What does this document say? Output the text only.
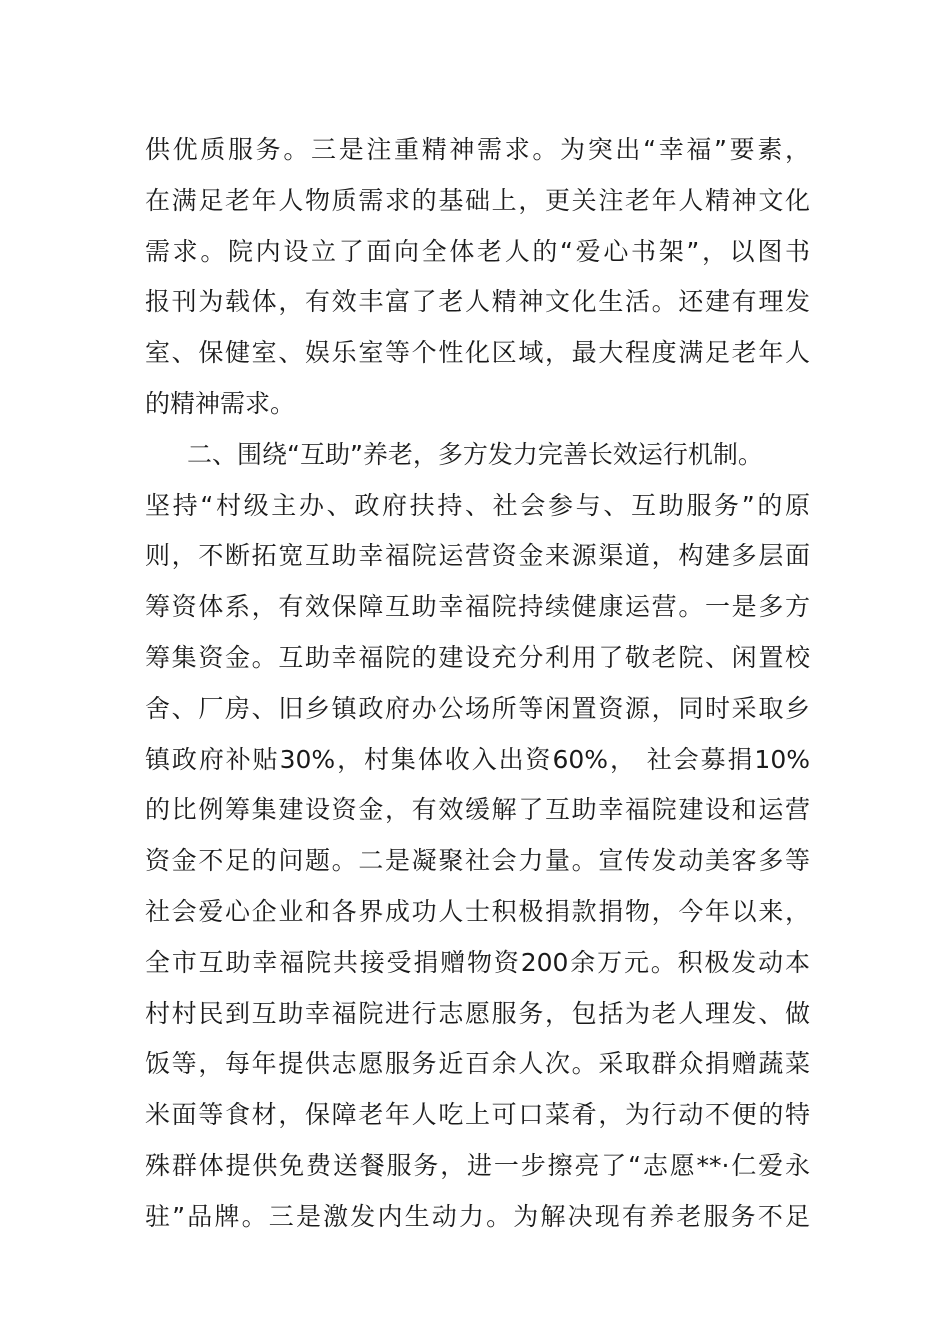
供优质服务。三是注重精神需求。为突出“幸福”要素，
在满足老年人物质需求的基础上，更关注老年人精神文化
需求。院内设立了面向全体老人的“爱心书架”，以图书
报刊为载体，有效丰富了老人精神文化生活。还建有理发
室、保健室、娱乐室等个性化区域，最大程度满足老年人
的精神需求。
二、围绕“互助”养老，多方发力完善长效运行机制。
坚持“村级主办、政府扶持、社会参与、互助服务”的原
则，不断拓宽互助幸福院运营资金来源渠道，构建多层面
筹资体系，有效保障互助幸福院持续健康运营。一是多方
筹集资金。互助幸福院的建设充分利用了敬老院、闲置校
舍、厂房、旧乡镇政府办公场所等闲置资源，同时采取乡
镇政府补贴30%，村集体收入出资60%， 社会募捐10%
的比例筹集建设资金，有效缓解了互助幸福院建设和运营
资金不足的问题。二是凝聚社会力量。宣传发动美客多等
社会爱心企业和各界成功人士积极捐款捐物，今年以来，
全市互助幸福院共接受捐赠物资200余万元。积极发动本
村村民到互助幸福院进行志愿服务，包括为老人理发、做
饭等，每年提供志愿服务近百余人次。采取群众捐赠蔬菜
米面等食材，保障老年人吃上可口菜肴，为行动不便的特
殊群体提供免费送餐服务，进一步擦亮了“志愿**·仁爱永
驻”品牌。三是激发内生动力。为解决现有养老服务不足
